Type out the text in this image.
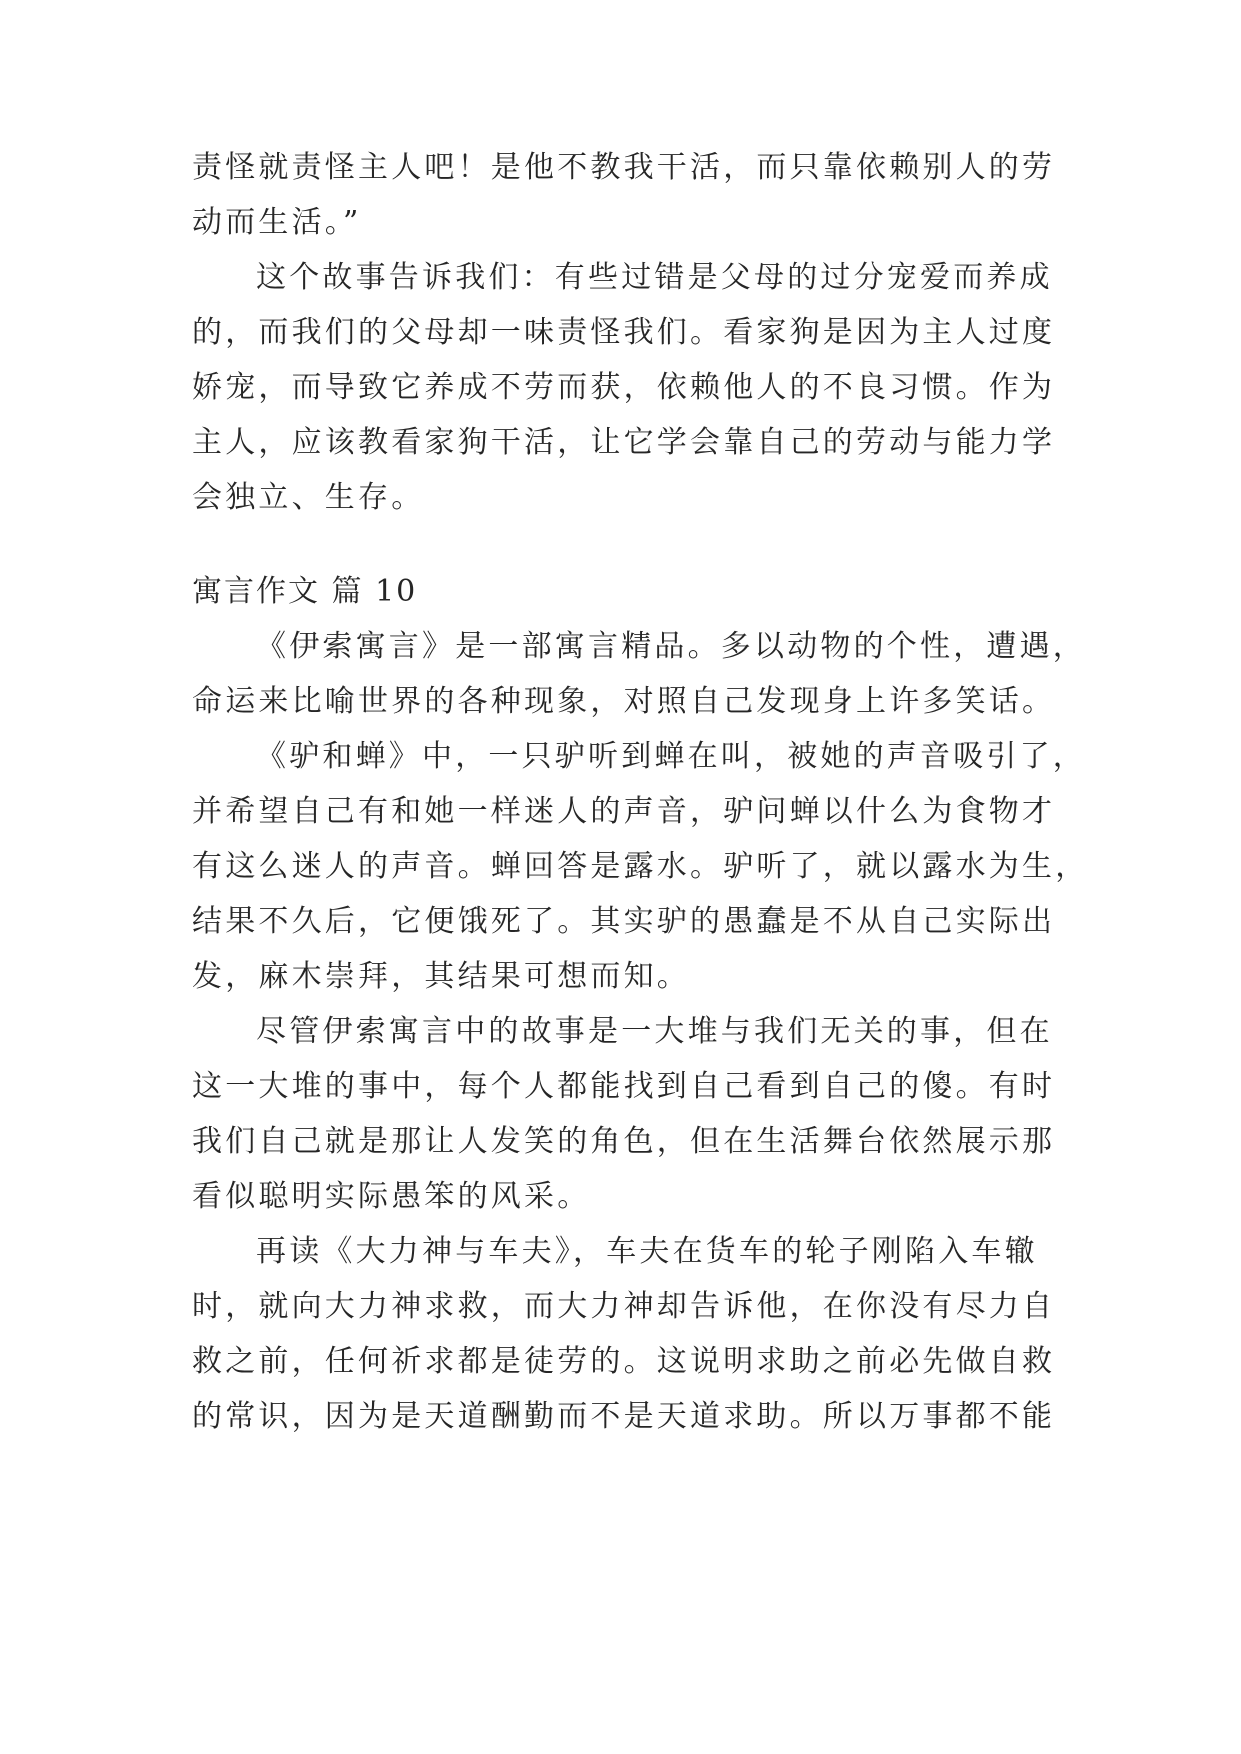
责怪就责怪主人吧！是他不教我干活，而只靠依赖别人的劳
动而生活。”
这个故事告诉我们：有些过错是父母的过分宠爱而养成
的，而我们的父母却一味责怪我们。看家狗是因为主人过度
娇宠，而导致它养成不劳而获，依赖他人的不良习惯。作为
主人，应该教看家狗干活，让它学会靠自己的劳动与能力学
会独立、生存。
寓言作文 篇 10
《伊索寓言》是一部寓言精品。多以动物的个性，遭遇，
命运来比喻世界的各种现象，对照自己发现身上许多笑话。
《驴和蝉》中，一只驴听到蝉在叫，被她的声音吸引了，
并希望自己有和她一样迷人的声音，驴问蝉以什么为食物才
有这么迷人的声音。蝉回答是露水。驴听了，就以露水为生，
结果不久后，它便饿死了。其实驴的愚蠢是不从自己实际出
发，麻木崇拜，其结果可想而知。
尽管伊索寓言中的故事是一大堆与我们无关的事，但在
这一大堆的事中，每个人都能找到自己看到自己的傻。有时
我们自己就是那让人发笑的角色，但在生活舞台依然展示那
看似聪明实际愚笨的风采。
再读《大力神与车夫》，车夫在货车的轮子刚陷入车辙
时，就向大力神求救，而大力神却告诉他，在你没有尽力自
救之前，任何祈求都是徒劳的。这说明求助之前必先做自救
的常识，因为是天道酬勤而不是天道求助。所以万事都不能
